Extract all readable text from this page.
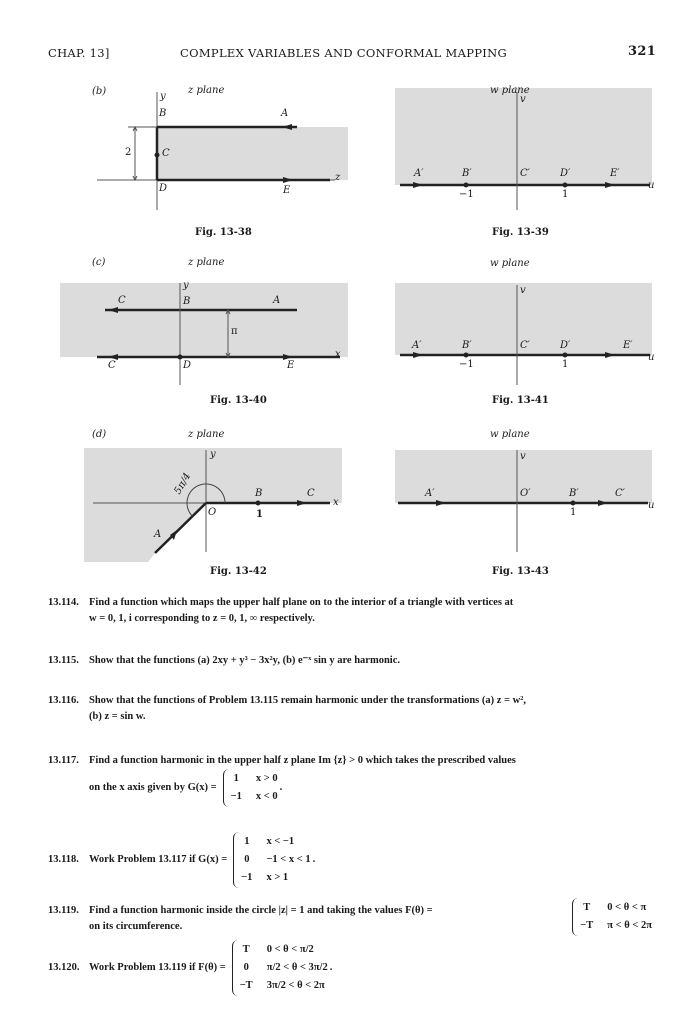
CHAP. 13]	COMPLEX VARIABLES AND CONFORMAL MAPPING	321
(b)	z plane	w plane
y
B	A
C
D	E
z
2
v
A′	B′	C′	D′	E′
u
−1	1
Fig. 13-38	Fig. 13-39
(c)	z plane	w plane
y
C	B	A
C	D	E
x
π
v
A′	B′	C′	D′	E′
u
−1	1
Fig. 13-40	Fig. 13-41
(d)	z plane	w plane
y
5π/4	B	C
O	1
A
x
v
A′	O′	B′	C′
1
u
Fig. 13-42	Fig. 13-43
13.114. Find a function which maps the upper half plane on to the interior of a triangle with vertices at
w = 0, 1, i corresponding to z = 0, 1, ∞ respectively.
13.115. Show that the functions (a) 2xy + y³ − 3x²y, (b) e⁻ˣ sin y are harmonic.
13.116. Show that the functions of Problem 13.115 remain harmonic under the transformations (a) z = w²,
(b) z = sin w.
13.117. Find a function harmonic in the upper half z plane Im {z} > 0 which takes the prescribed values
on the x axis given by G(x) =
1 x > 0
−1 x < 0
.
13.118. Work Problem 13.117 if G(x) =
1 x < −1
0 −1 < x < 1
−1 x > 1
.
13.119. Find a function harmonic inside the circle |z| = 1 and taking the values F(θ) =
on its circumference.
T 0 < θ < π
−T π < θ < 2π
13.120. Work Problem 13.119 if F(θ) =
T 0 < θ < π/2
0	π/2 < θ < 3π/2
−T 3π/2 < θ < 2π
.
